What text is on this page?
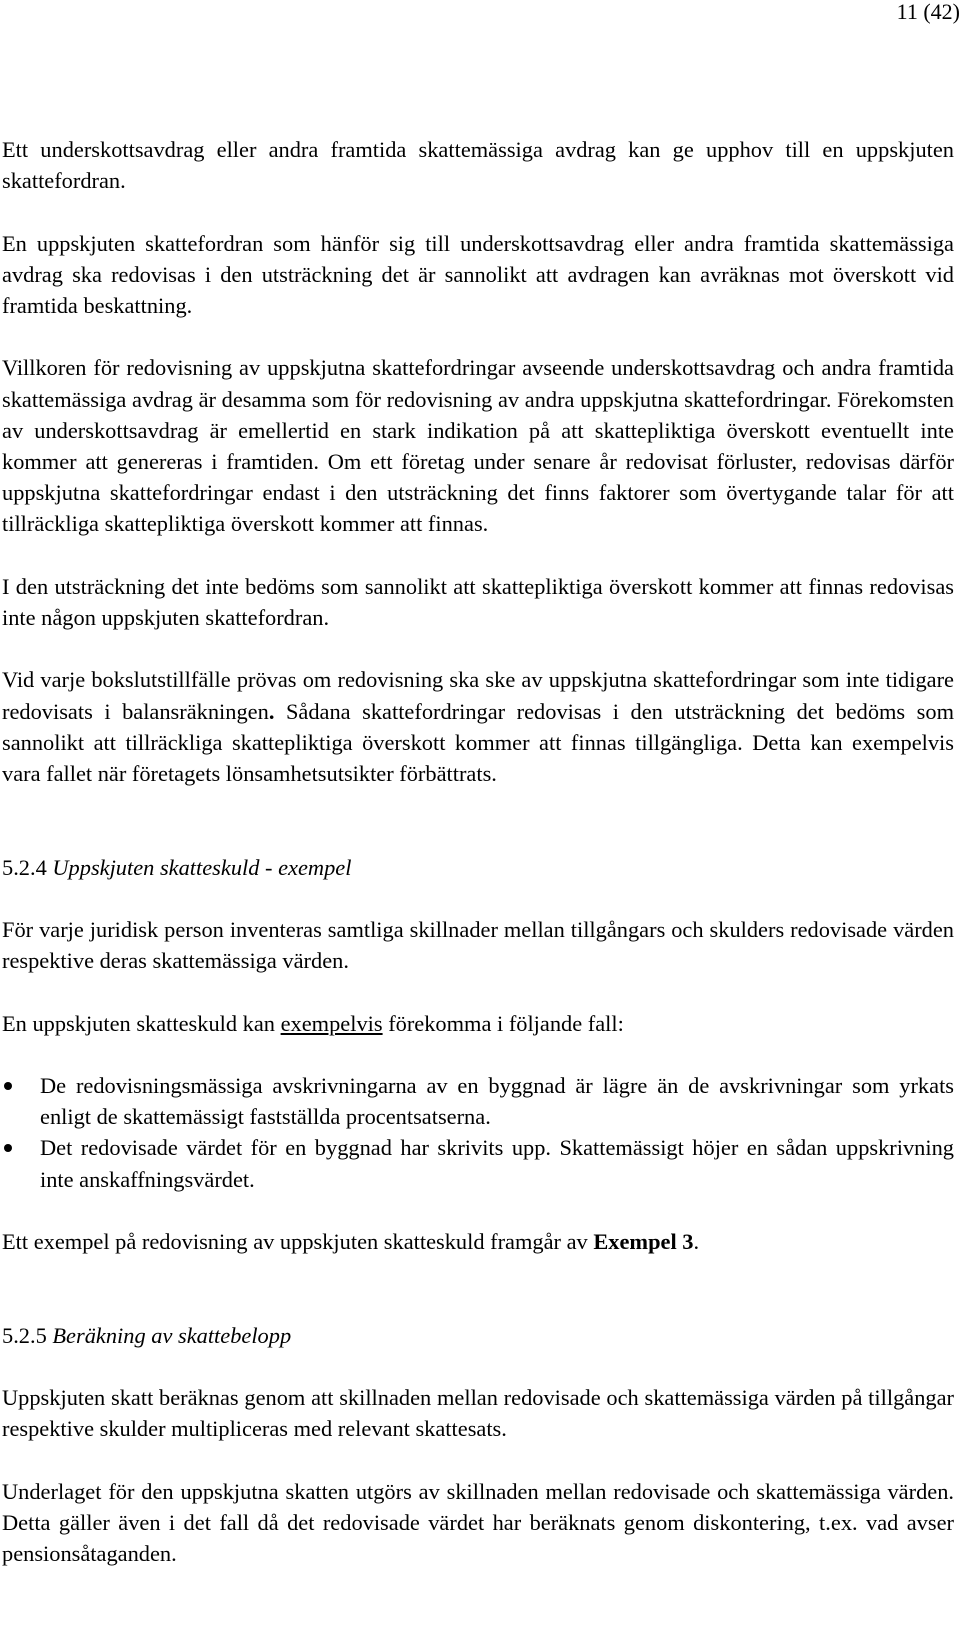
11 (42)

Ett underskottsavdrag eller andra framtida skattemässiga avdrag kan ge upphov till en uppskjuten skattefordran.

En uppskjuten skattefordran som hänför sig till underskottsavdrag eller andra framtida skattemässiga avdrag ska redovisas i den utsträckning det är sannolikt att avdragen kan avräknas mot överskott vid framtida beskattning.

Villkoren för redovisning av uppskjutna skattefordringar avseende underskottsavdrag och andra framtida skattemässiga avdrag är desamma som för redovisning av andra uppskjutna skattefordringar. Förekomsten av underskottsavdrag är emellertid en stark indikation på att skattepliktiga överskott eventuellt inte kommer att genereras i framtiden. Om ett företag under senare år redovisat förluster, redovisas därför uppskjutna skattefordringar endast i den utsträckning det finns faktorer som övertygande talar för att tillräckliga skattepliktiga överskott kommer att finnas.

I den utsträckning det inte bedöms som sannolikt att skattepliktiga överskott kommer att finnas redovisas inte någon uppskjuten skattefordran.

Vid varje bokslutstillfälle prövas om redovisning ska ske av uppskjutna skattefordringar som inte tidigare redovisats i balansräkningen. Sådana skattefordringar redovisas i den utsträckning det bedöms som sannolikt att tillräckliga skattepliktiga överskott kommer att finnas tillgängliga. Detta kan exempelvis vara fallet när företagets lönsamhetsutsikter förbättrats.

5.2.4 Uppskjuten skatteskuld - exempel

För varje juridisk person inventeras samtliga skillnader mellan tillgångars och skulders redovisade värden respektive deras skattemässiga värden.

En uppskjuten skatteskuld kan exempelvis förekomma i följande fall:

De redovisningsmässiga avskrivningarna av en byggnad är lägre än de avskrivningar som yrkats enligt de skattemässigt fastställda procentsatserna.
Det redovisade värdet för en byggnad har skrivits upp. Skattemässigt höjer en sådan uppskrivning inte anskaffningsvärdet.

Ett exempel på redovisning av uppskjuten skatteskuld framgår av Exempel 3.

5.2.5 Beräkning av skattebelopp

Uppskjuten skatt beräknas genom att skillnaden mellan redovisade och skattemässiga värden på tillgångar respektive skulder multipliceras med relevant skattesats.

Underlaget för den uppskjutna skatten utgörs av skillnaden mellan redovisade och skattemässiga värden. Detta gäller även i det fall då det redovisade värdet har beräknats genom diskontering, t.ex. vad avser pensionsåtaganden.
